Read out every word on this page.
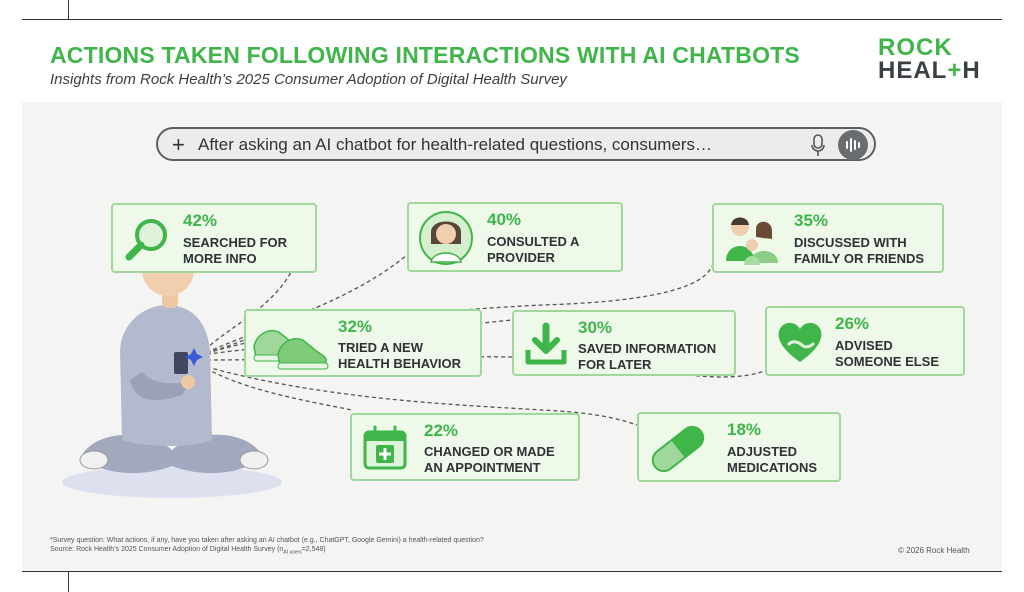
ACTIONS TAKEN FOLLOWING INTERACTIONS WITH AI CHATBOTS
Insights from Rock Health’s 2025 Consumer Adoption of Digital Health Survey
ROCK
HEAL+H
+ After asking an AI chatbot for health-related questions, consumers…
42%
SEARCHED FOR
MORE INFO
40%
CONSULTED A
PROVIDER
35%
DISCUSSED WITH
FAMILY OR FRIENDS
32%
TRIED A NEW
HEALTH BEHAVIOR
30%
SAVED INFORMATION
FOR LATER
26%
ADVISED
SOMEONE ELSE
22%
CHANGED OR MADE
AN APPOINTMENT
18%
ADJUSTED
MEDICATIONS
*Survey question: What actions, if any, have you taken after asking an AI chatbot (e.g., ChatGPT, Google Gemini) a health-related question?
Source: Rock Health’s 2025 Consumer Adoption of Digital Health Survey $(n_{AI users}=2,548)$	© 2026 Rock Health
